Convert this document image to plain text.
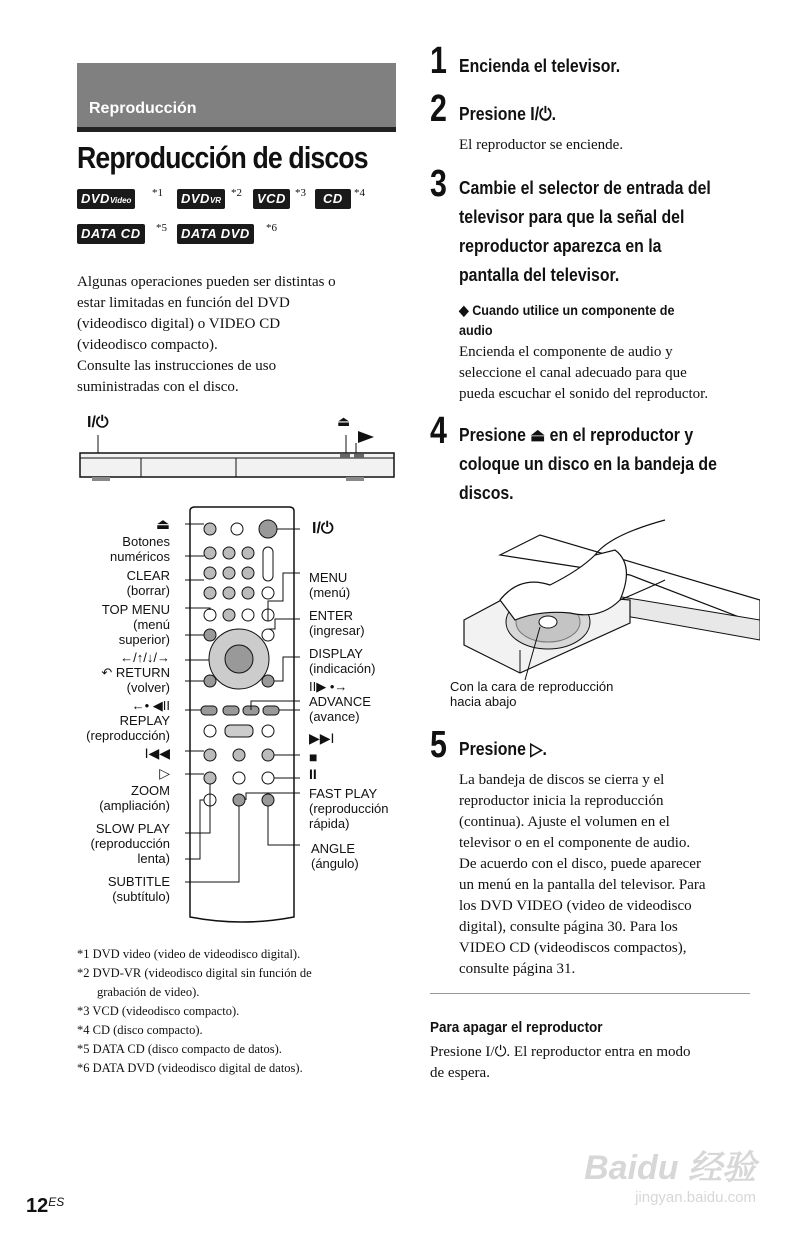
Reproducción
Reproducción de discos
DVDVideo
*1	DVDVR
*2	VCD *3	CD	*4
DATA CD	*5	DATA DVD	*6
Algunas operaciones pueden ser distintas o
estar limitadas en función del DVD
(videodisco digital) o VIDEO CD
(videodisco compacto).
Consulte las instrucciones de uso
suministradas con el disco.
I/⏻	⏏
⏏
Botones
numéricos
CLEAR
(borrar)
TOP MENU
(menú
superior)
←/↑/↓/→
↶ RETURN
(volver)
←• ◀II
REPLAY
(reproducción)
I◀◀
▷
ZOOM
(ampliación)
SLOW PLAY
(reproducción
lenta)
SUBTITLE
(subtítulo)
I/⏻
MENU
(menú)
ENTER
(ingresar)
DISPLAY
(indicación)
II▶ •→
ADVANCE
(avance)
▶▶I
■
II
FAST PLAY
(reproducción
rápida)
ANGLE
(ángulo)
*1 DVD video (video de videodisco digital).
*2 DVD-VR (videodisco digital sin función de
grabación de video).
*3 VCD (videodisco compacto).
*4 CD (disco compacto).
*5 DATA CD (disco compacto de datos).
*6 DATA DVD (videodisco digital de datos).
1 Encienda el televisor.
2 Presione I/⏻.
El reproductor se enciende.
3 Cambie el selector de entrada del
televisor para que la señal del
reproductor aparezca en la
pantalla del televisor.
◆ Cuando utilice un componente de
audio
Encienda el componente de audio y
seleccione el canal adecuado para que
pueda escuchar el sonido del reproductor.
4 Presione ⏏ en el reproductor y
coloque un disco en la bandeja de
discos.
Con la cara de reproducción
hacia abajo
5 Presione ▷.
La bandeja de discos se cierra y el
reproductor inicia la reproducción
(continua). Ajuste el volumen en el
televisor o en el componente de audio.
De acuerdo con el disco, puede aparecer
un menú en la pantalla del televisor. Para
los DVD VIDEO (video de videodisco
digital), consulte página 30. Para los
VIDEO CD (videodiscos compactos),
consulte página 31.
Para apagar el reproductor
Presione I/⏻. El reproductor entra en modo
de espera.
$12^{ES}$
Baidu 经验
jingyan.baidu.com
